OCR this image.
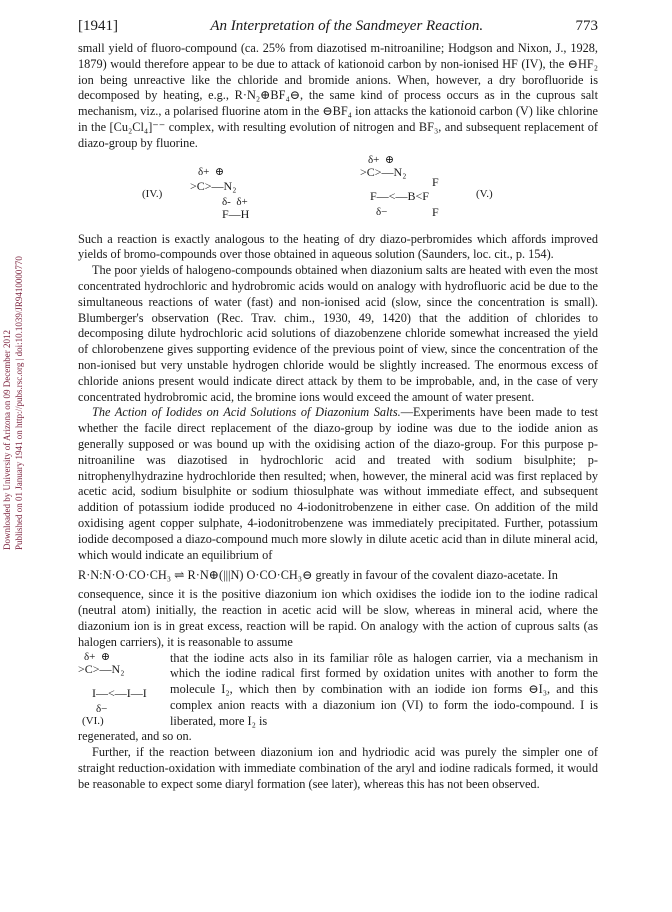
Downloaded by University of Arizona on 09 December 2012 Published on 01 January 1941 on http://pubs.rsc.org | doi:10.1039/JR9410000770
[1941]	An Interpretation of the Sandmeyer Reaction.	773

small yield of fluoro-compound (ca. 25% from diazotised m-nitroaniline; Hodgson and Nixon, J., 1928, 1879) would therefore appear to be due to attack of kationoid carbon by non-ionised HF (IV), the ⊖HF₂ ion being unreactive like the chloride and bromide anions. When, however, a dry borofluoride is decomposed by heating, e.g., R·N₂⊕BF₄⊖, the same kind of process occurs as in the cuprous salt mechanism, viz., a polarised fluorine atom in the ⊖BF₄ ion attacks the kationoid carbon (V) like chlorine in the [Cu₂Cl₄]⁻⁻ complex, with resulting evolution of nitrogen and BF₃, and subsequent replacement of diazo-group by fluorine.

(IV.)
δ+  ⊕
>C>—N₂
δ-  δ+
F—H
δ+  ⊕
>C>—N₂
F
F—<—B<F
F
δ−
(V.)

Such a reaction is exactly analogous to the heating of dry diazo-perbromides which affords improved yields of bromo-compounds over those obtained in aqueous solution (Saunders, loc. cit., p. 154).

The poor yields of halogeno-compounds obtained when diazonium salts are heated with even the most concentrated hydrochloric and hydrobromic acids would on analogy with hydrofluoric acid be due to the simultaneous reactions of water (fast) and non-ionised acid (slow, since the concentration is small). Blumberger's observation (Rec. Trav. chim., 1930, 49, 1420) that the addition of chlorides to decomposing dilute hydrochloric acid solutions of diazobenzene chloride somewhat increased the yield of chlorobenzene gives supporting evidence of the previous point of view, since the concentration of the non-ionised but very unstable hydrogen chloride would be slightly increased. The enormous excess of chloride anions present would indicate direct attack by them to be improbable, and, in the case of very concentrated hydrobromic acid, the bromine ions would exceed the amount of water present.

The Action of Iodides on Acid Solutions of Diazonium Salts.—Experiments have been made to test whether the facile direct replacement of the diazo-group by iodine was due to the iodide anion as generally supposed or was bound up with the oxidising action of the diazo-group. For this purpose p-nitroaniline was diazotised in hydrochloric acid and treated with sodium bisulphite; p-nitrophenylhydrazine hydrochloride then resulted; when, however, the mineral acid was first replaced by acetic acid, sodium bisulphite or sodium thiosulphate was without immediate effect, and subsequent addition of potassium iodide produced no 4-iodonitrobenzene in either case. On addition of the mild oxidising agent copper sulphate, 4-iodonitrobenzene was immediately precipitated. Further, potassium iodide decomposed a diazo-compound much more slowly in dilute acetic acid than in dilute mineral acid, which would indicate an equilibrium of

R·N:N·O·CO·CH₃ ⇌ R·N⊕(|||N) O·CO·CH₃⊖ greatly in favour of the covalent diazo-acetate. In

consequence, since it is the positive diazonium ion which oxidises the iodide ion to the iodine radical (neutral atom) initially, the reaction in acetic acid will be slow, whereas in mineral acid, where the diazonium ion is in great excess, reaction will be rapid. On analogy with the action of cuprous salts (as halogen carriers), it is reasonable to assume

δ+  ⊕
>C>—N₂
I—<—I—I
δ−
(VI.)

that the iodine acts also in its familiar rôle as halogen carrier, via a mechanism in which the iodine radical first formed by oxidation unites with another to form the molecule I₂, which then by combination with an iodide ion forms ⊖I₃, and this complex anion reacts with a diazonium ion (VI) to form the iodo-compound. I is liberated, more I₂ is

regenerated, and so on.

Further, if the reaction between diazonium ion and hydriodic acid was purely the simpler one of straight reduction-oxidation with immediate combination of the aryl and iodine radicals formed, it would be reasonable to expect some diaryl formation (see later), whereas this has not been observed.
